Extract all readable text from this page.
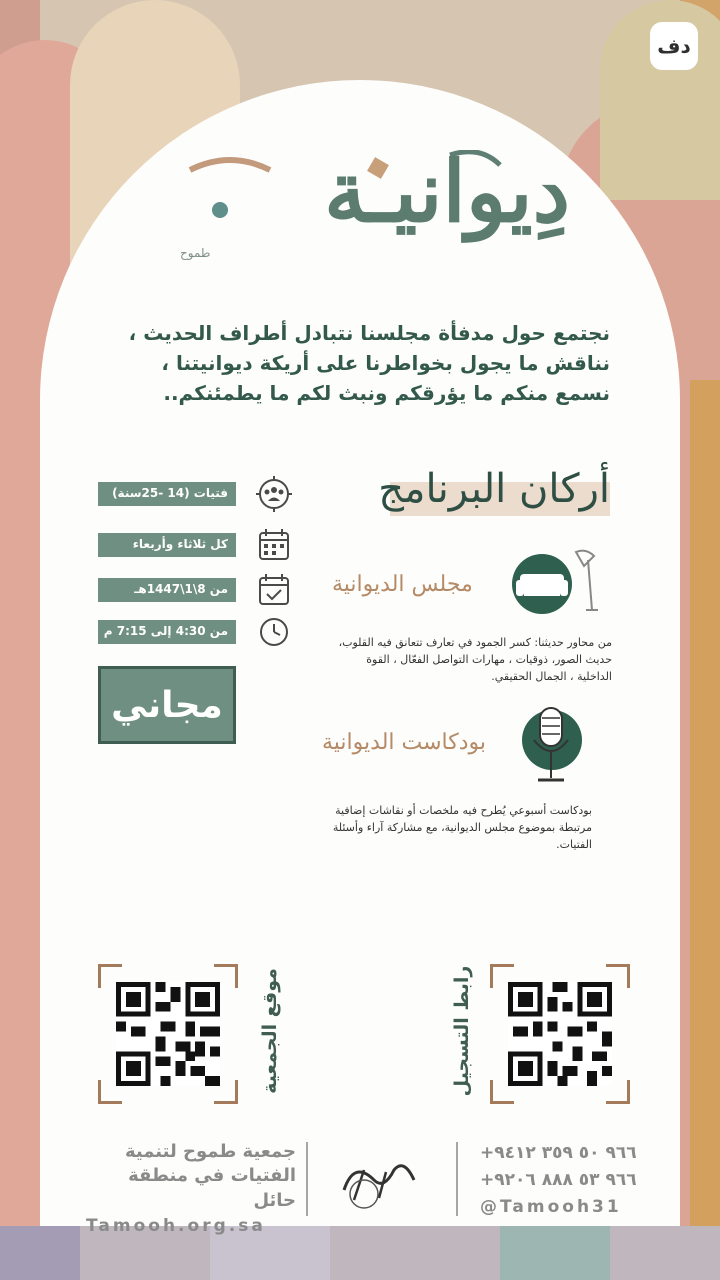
دف
دِيوانيـة
طموح
نجتمع حول مدفأة مجلسنا نتبادل أطراف الحديث ، نناقش ما يجول بخواطرنا على أريكة ديوانيتنا ، نسمع منكم ما يؤرقكم ونبث لكم ما يطمئنكم..
فتيات (14 -25سنة)
كل ثلاثاء وأربعاء
من 8\1\1447هـ
من 4:30 إلى 7:15 م
مجاني
أركان البرنامج
مجلس الديوانية
من محاور حديثنا: كسر الجمود في تعارف تتعانق فيه القلوب، حديث الصور، ذوقيات ، مهارات التواصل الفعّال ، القوة الداخلية ، الجمال الحقيقي.
بودكاست الديوانية
بودكاست أسبوعي يُطرح فيه ملخصات أو نقاشات إضافية مرتبطة بموضوع مجلس الديوانية، مع مشاركة آراء وأسئلة الفتيات.
موقع الجمعية	رابط التسجيل
جمعية طموح لتنمية
الفتيات في منطقة حائل
Tamooh.org.sa
+٩٦٦ ٥٠ ٣٥٩ ٩٤١٢
+٩٦٦ ٥٣ ٨٨٨ ٩٢٠٦
@Tamooh31
